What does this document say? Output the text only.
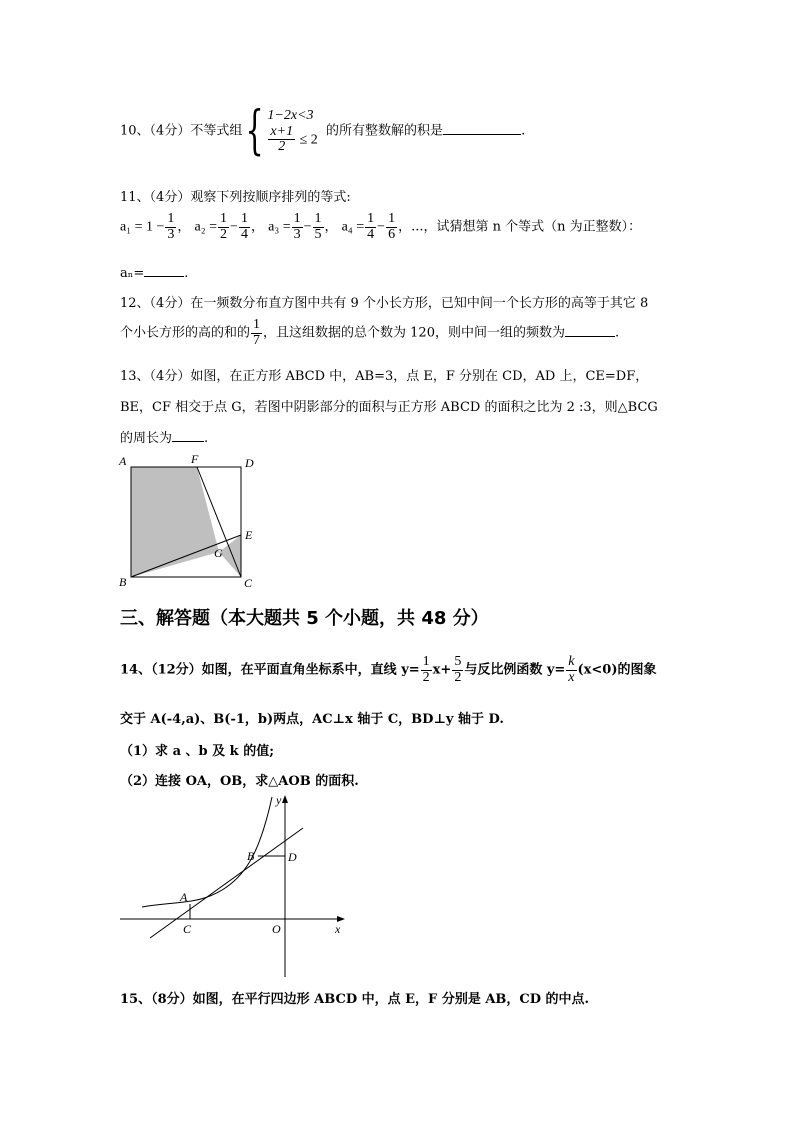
10、（4分）不等式组{ 1−2x<3
$\frac{x+1}{2} \le 2$
的所有整数解的积是	.
11、（4分）观察下列按顺序排列的等式:
$a_1 = 1 - \frac{1}{3}$ ， $a_2 = \frac{1}{2} - \frac{1}{4}$ ， $a_3 = \frac{1}{3} - \frac{1}{5}$ ， $a_4 = \frac{1}{4} - \frac{1}{6}$ ，...，试猜想第 n 个等式（n 为正整数）：
aₙ=	.
12、（4分）在一频数分布直方图中共有 9 个小长方形，已知中间一个长方形的高等于其它 8
个小长方形的高的和的 $\frac{1}{7}$ ，且这组数据的总个数为 120，则中间一组的频数为	.
13、（4分）如图，在正方形 ABCD 中，AB=3，点 E，F 分别在 CD，AD 上，CE=DF，
BE，CF 相交于点 G，若图中阴影部分的面积与正方形 ABCD 的面积之比为 2 :3，则△BCG
的周长为 .
A	F	D
E
G
B	C
三、解答题（本大题共 5 个小题，共 48 分）
14、（12分）如图，在平面直角坐标系中，直线 $y= \frac{1}{2} x+ \frac{5}{2}$ 与反比例函数 $y= \frac{k}{x} (x<0)$的图象
交于 A(-4,a)、B(-1，b)两点，AC⊥x 轴于 C，BD⊥y 轴于 D.
（1）求 a 、b 及 k 的值;
（2）连接 OA，OB，求△AOB 的面积.
y
B	D
A
C	O	x
15、（8分）如图，在平行四边形 ABCD 中，点 E，F 分别是 AB，CD 的中点.
